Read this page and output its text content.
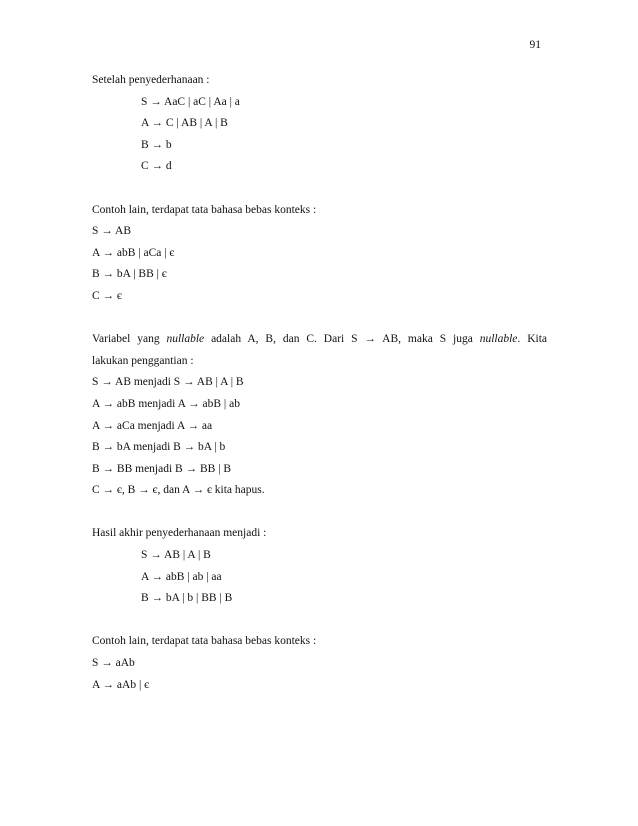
91
Setelah penyederhanaan :
S → AaC | aC | Aa | a
A → C | AB | A | B
B → b
C → d
Contoh lain, terdapat tata bahasa bebas konteks :
S → AB
A → abB | aCa | є
B → bA | BB | є
C → є
Variabel yang nullable adalah A, B, dan C. Dari S → AB, maka S juga nullable. Kita
lakukan penggantian :
S → AB menjadi S → AB | A | B
A → abB menjadi A → abB | ab
A → aCa menjadi A → aa
B → bA menjadi B → bA | b
B → BB menjadi B → BB | B
C → є, B → є, dan A → є kita hapus.
Hasil akhir penyederhanaan menjadi :
S → AB | A | B
A → abB | ab | aa
B → bA | b | BB | B
Contoh lain, terdapat tata bahasa bebas konteks :
S → aAb
A → aAb | є
